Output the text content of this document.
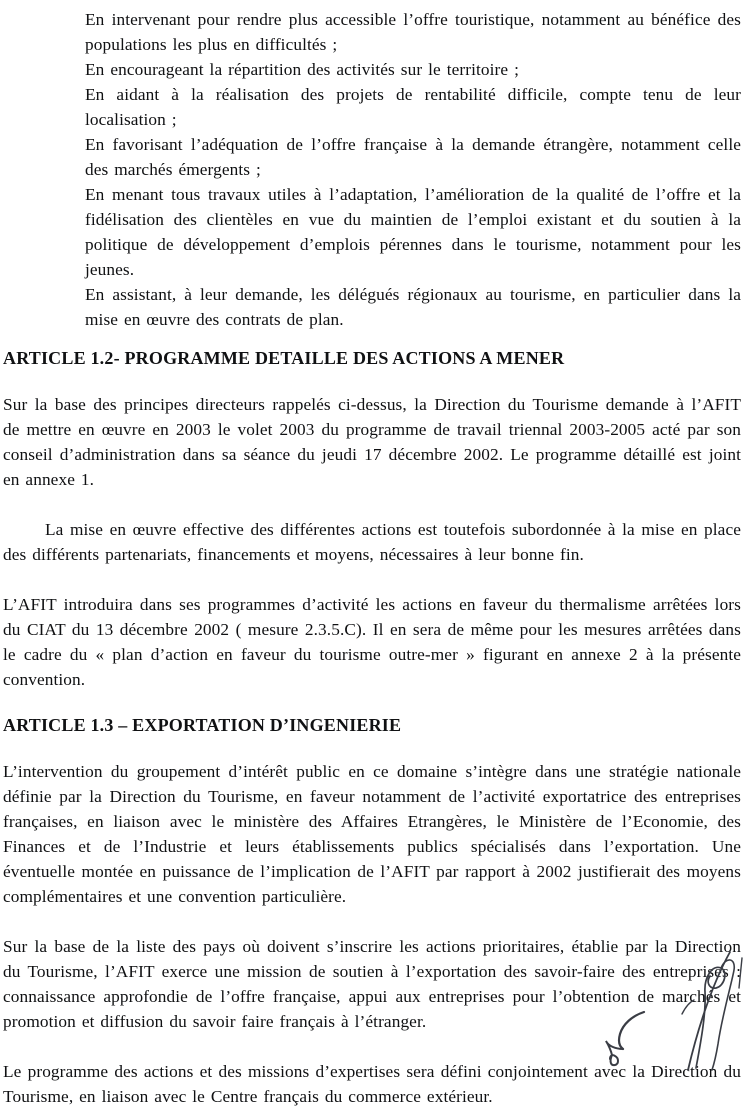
En intervenant pour rendre plus accessible l’offre touristique, notamment au bénéfice des populations les plus en difficultés ;

En encourageant la répartition des activités sur le territoire ;

En aidant à la réalisation des projets de rentabilité difficile, compte tenu de leur localisation ;

En favorisant l’adéquation de l’offre française à la demande étrangère, notamment celle des marchés émergents ;

En menant tous travaux utiles à l’adaptation, l’amélioration de la qualité de l’offre et la fidélisation des clientèles en vue du maintien de l’emploi existant et du soutien à la politique de développement d’emplois pérennes dans le tourisme, notamment pour les jeunes.

En assistant, à leur demande, les délégués régionaux au tourisme, en particulier dans la mise en œuvre des contrats de plan.

ARTICLE 1.2- PROGRAMME DETAILLE DES ACTIONS A MENER

Sur la base des principes directeurs rappelés ci-dessus, la Direction du Tourisme demande à l’AFIT de mettre en œuvre en 2003 le volet 2003 du programme de travail triennal 2003-2005 acté par son conseil d’administration dans sa séance du jeudi 17 décembre 2002. Le programme détaillé est joint en annexe 1.

La mise en œuvre effective des différentes actions est toutefois subordonnée à la mise en place des différents partenariats, financements et moyens, nécessaires à leur bonne fin.

L’AFIT introduira dans ses programmes d’activité les actions en faveur du thermalisme arrêtées lors du CIAT du 13 décembre 2002 ( mesure 2.3.5.C). Il en sera de même pour les mesures arrêtées dans le cadre du « plan d’action en faveur du tourisme outre-mer » figurant en annexe 2 à la présente convention.

ARTICLE 1.3 – EXPORTATION D’INGENIERIE

L’intervention du groupement d’intérêt public en ce domaine s’intègre dans une stratégie nationale définie par la Direction du Tourisme, en faveur notamment de l’activité exportatrice des entreprises françaises, en liaison avec le ministère des Affaires Etrangères, le Ministère de l’Economie, des Finances et de l’Industrie et leurs établissements publics spécialisés dans l’exportation. Une éventuelle montée en puissance de l’implication de l’AFIT par rapport à 2002 justifierait des moyens complémentaires et une convention particulière.

Sur la base de la liste des pays où doivent s’inscrire les actions prioritaires, établie par la Direction du Tourisme, l’AFIT exerce une mission de soutien à l’exportation des savoir-faire des entreprises : connaissance approfondie de l’offre française, appui aux entreprises pour l’obtention de marchés et promotion et diffusion du savoir faire français à l’étranger.

Le programme des actions et des missions d’expertises sera défini conjointement avec la Direction du Tourisme, en liaison avec le Centre français du commerce extérieur.
